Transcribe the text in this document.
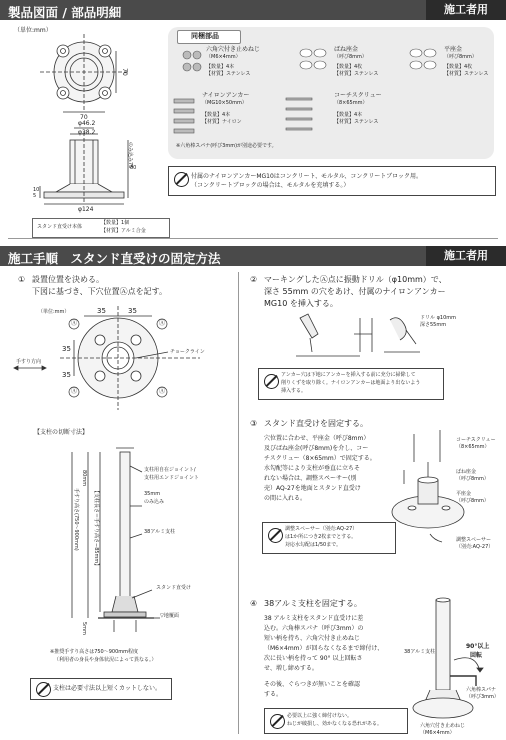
製品図面 / 部品明細	施工者用
（単位:mm）
70
70
φ46.2
φ38.2
10
5
80
のみ込み75
φ124
スタンド直受け本体
【数量】1個
【材質】アルミ合金
同梱部品
六角穴付き止めねじ
（M6×4mm）
【数量】4本
【材質】ステンレス
ばね座金
（呼び8mm）
【数量】4枚
【材質】ステンレス
平座金
（呼び8mm）
【数量】4枚
【材質】ステンレス
ナイロンアンカー
（MG10×50mm）
【数量】4本
【材質】ナイロン
コーチスクリュー
（8×65mm）
【数量】4本
【材質】ステンレス
※六角棒スパナ(呼び3mm)が別途必要です。
付属のナイロンアンカーMG10はコンクリート、モルタル、コンクリートブロック用。
（コンクリートブロックの場合は、モルタルを充填する。）
施工手順　スタンド直受けの固定方法	施工者用
① 設置位置を決める。
下図に基づき、下穴位置Ⓐ点を記す。
（単位:mm）	35	35
35
35
Ⓐ	Ⓐ
Ⓐ	Ⓐ
手すり方向
チョークライン
【支柱の切断寸法】
支柱用自在ジョイント/
支柱用エンドジョイント
35mm
のみ込み
38アルミ支柱
スタンド直受け
▽地覆面
80mm
5mm
手すり高さ(750〜900mm)	【支柱長さ＝手すり高さ−85mm】
※推奨手すり高さは750〜900mm程度
（利用者の身長や身体状況によって異なる。）
支柱は必要寸法以上短くカットしない。
② マーキングしたⒶ点に振動ドリル（φ10mm）で、
深さ 55mm の穴をあけ、付属のナイロンアンカー
MG10 を挿入する。
ドリル φ10mm
深さ55mm
アンカー穴は下地にアンカーを挿入する前に充分に掃除して
削りくずを取り除く。ナイロンアンカーは地面より出ないよう
挿入する。
③ スタンド直受けを固定する。
穴位置に合わせ、平座金（呼び8mm）
及びばね座金(呼び8mm)を介し、コー
チスクリュー（8×65mm）で固定する。
水勾配等により支柱が垂直に立ちそ
れない場合は、調整スペーサー(別
売）AQ-27を地面とスタンド直受け
の間に入れる。
コーチスクリュー
（8×65mm）
ばね座金
（呼び8mm）
平座金
（呼び8mm）
調整スペーサー
（別売:AQ-27）
調整スペーサー（別売:AQ-27）
は1か所につき2枚までとする。
対応水勾配は1/50まで。
④ 38アルミ支柱を固定する。
38 アルミ支柱をスタンド直受けに差
込む。六角棒スパナ（呼び3mm）の
短い柄を持ち、六角穴付き止めねじ
（M6×4mm）が回らなくなるまで締付け、
次に長い柄を持って 90° 以上回転さ
せ、増し締めする。
その後、ぐらつきが無いことを確認
する。
38アルミ支柱
90°以上
回転
六角棒スパナ
（呼び3mm）
六角穴付き止めねじ
（M6×4mm）
必要以上に強く締付けない。
ねじが破損し、効かなくなる恐れがある。
